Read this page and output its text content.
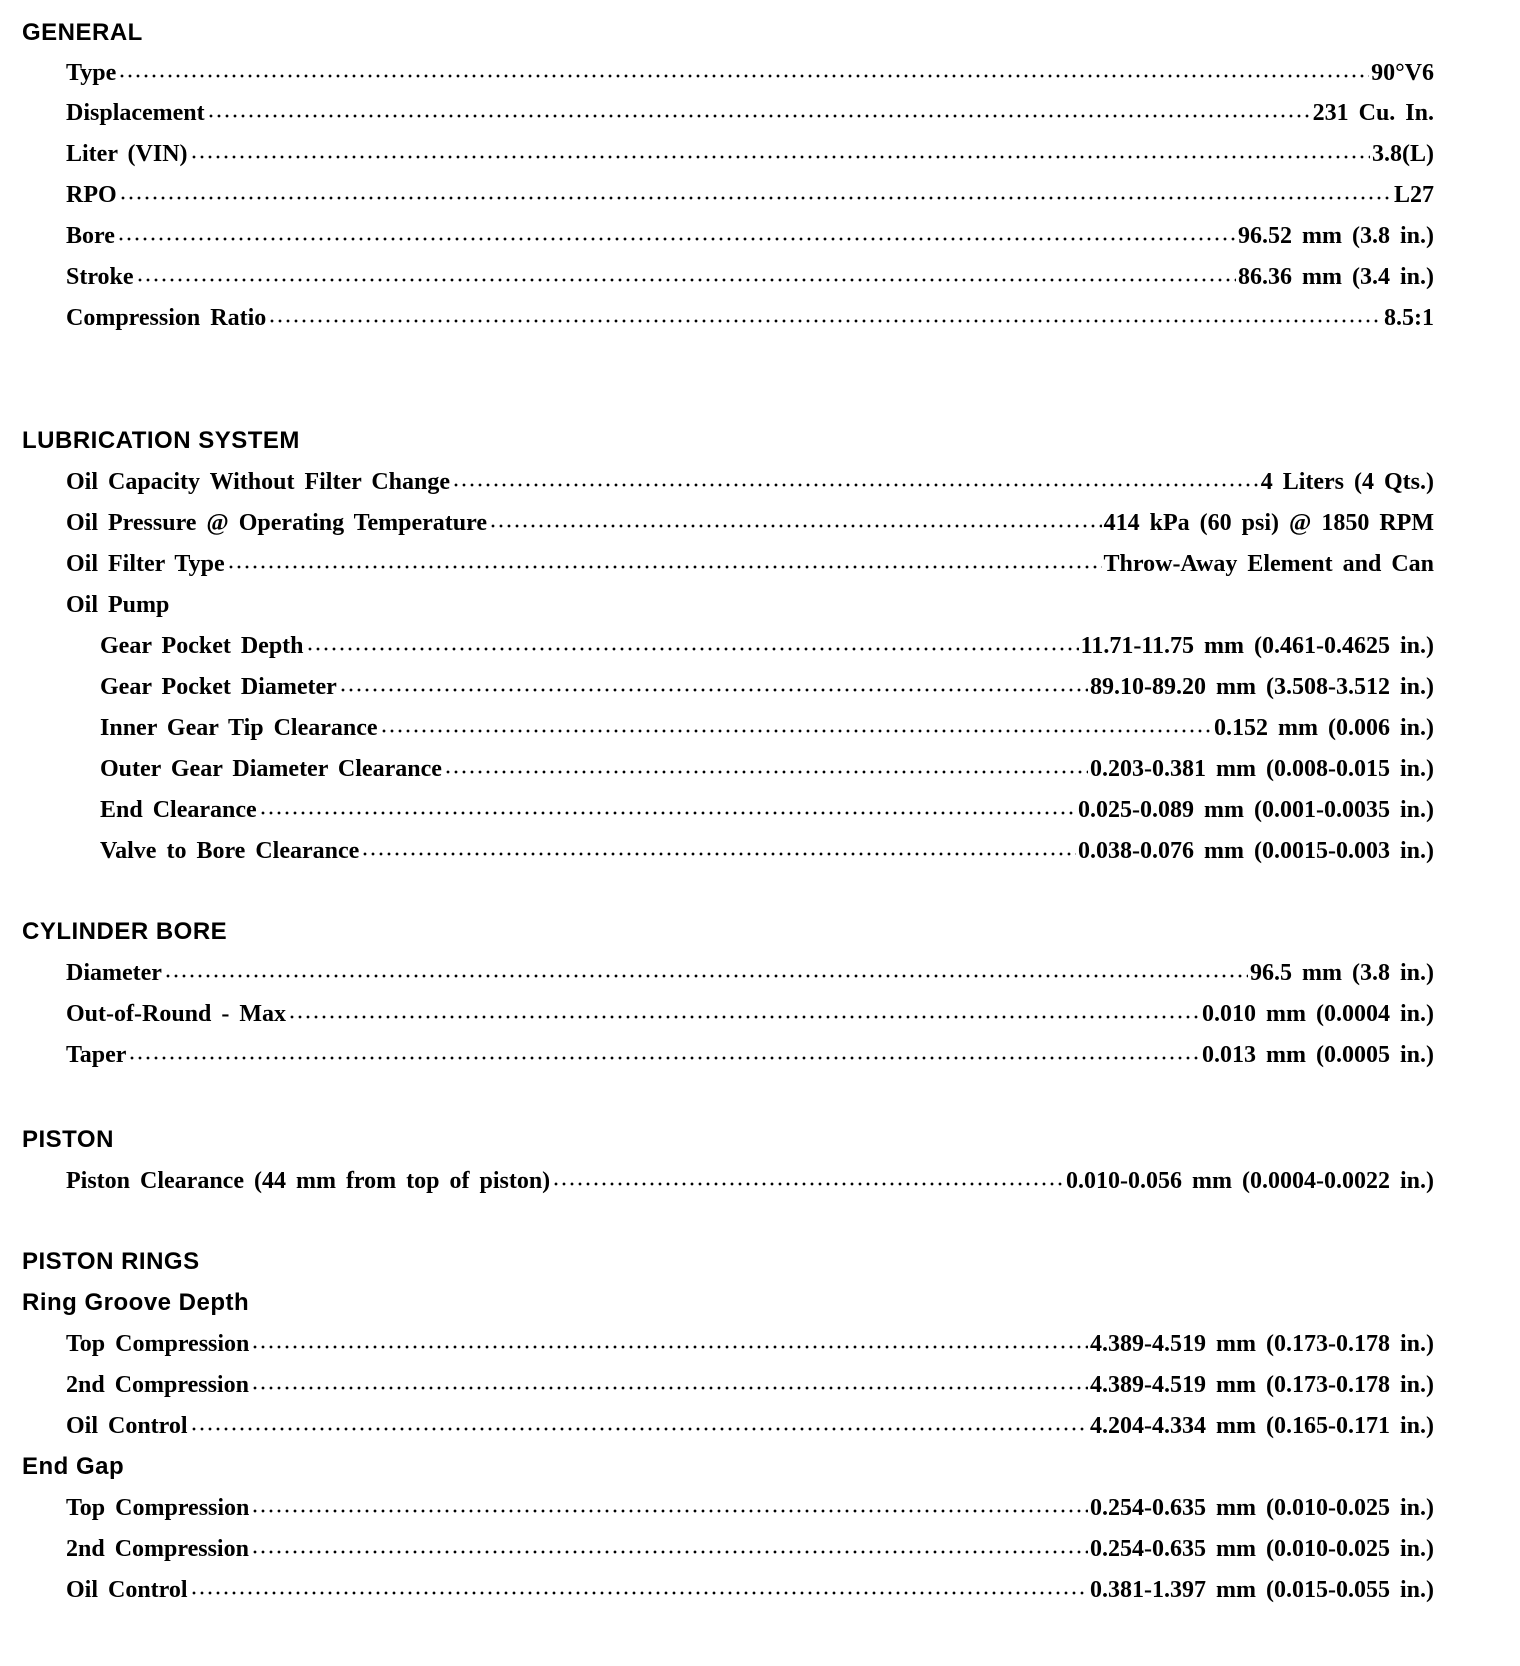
GENERAL
Type	90°V6
Displacement	231 Cu. In.
Liter (VIN)	3.8(L)
RPO	L27
Bore	96.52 mm (3.8 in.)
Stroke	86.36 mm (3.4 in.)
Compression Ratio	8.5:1
LUBRICATION SYSTEM
Oil Capacity Without Filter Change	4 Liters (4 Qts.)
Oil Pressure @ Operating Temperature	414 kPa (60 psi) @ 1850 RPM
Oil Filter Type	Throw-Away Element and Can
Oil Pump
Gear Pocket Depth	11.71-11.75 mm (0.461-0.4625 in.)
Gear Pocket Diameter	89.10-89.20 mm (3.508-3.512 in.)
Inner Gear Tip Clearance	0.152 mm (0.006 in.)
Outer Gear Diameter Clearance	0.203-0.381 mm (0.008-0.015 in.)
End Clearance	0.025-0.089 mm (0.001-0.0035 in.)
Valve to Bore Clearance	0.038-0.076 mm (0.0015-0.003 in.)
CYLINDER BORE
Diameter	96.5 mm (3.8 in.)
Out-of-Round - Max	0.010 mm (0.0004 in.)
Taper	0.013 mm (0.0005 in.)
PISTON
Piston Clearance (44 mm from top of piston)	0.010-0.056 mm (0.0004-0.0022 in.)
PISTON RINGS
Ring Groove Depth
Top Compression	4.389-4.519 mm (0.173-0.178 in.)
2nd Compression	4.389-4.519 mm (0.173-0.178 in.)
Oil Control	4.204-4.334 mm (0.165-0.171 in.)
End Gap
Top Compression	0.254-0.635 mm (0.010-0.025 in.)
2nd Compression	0.254-0.635 mm (0.010-0.025 in.)
Oil Control	0.381-1.397 mm (0.015-0.055 in.)
